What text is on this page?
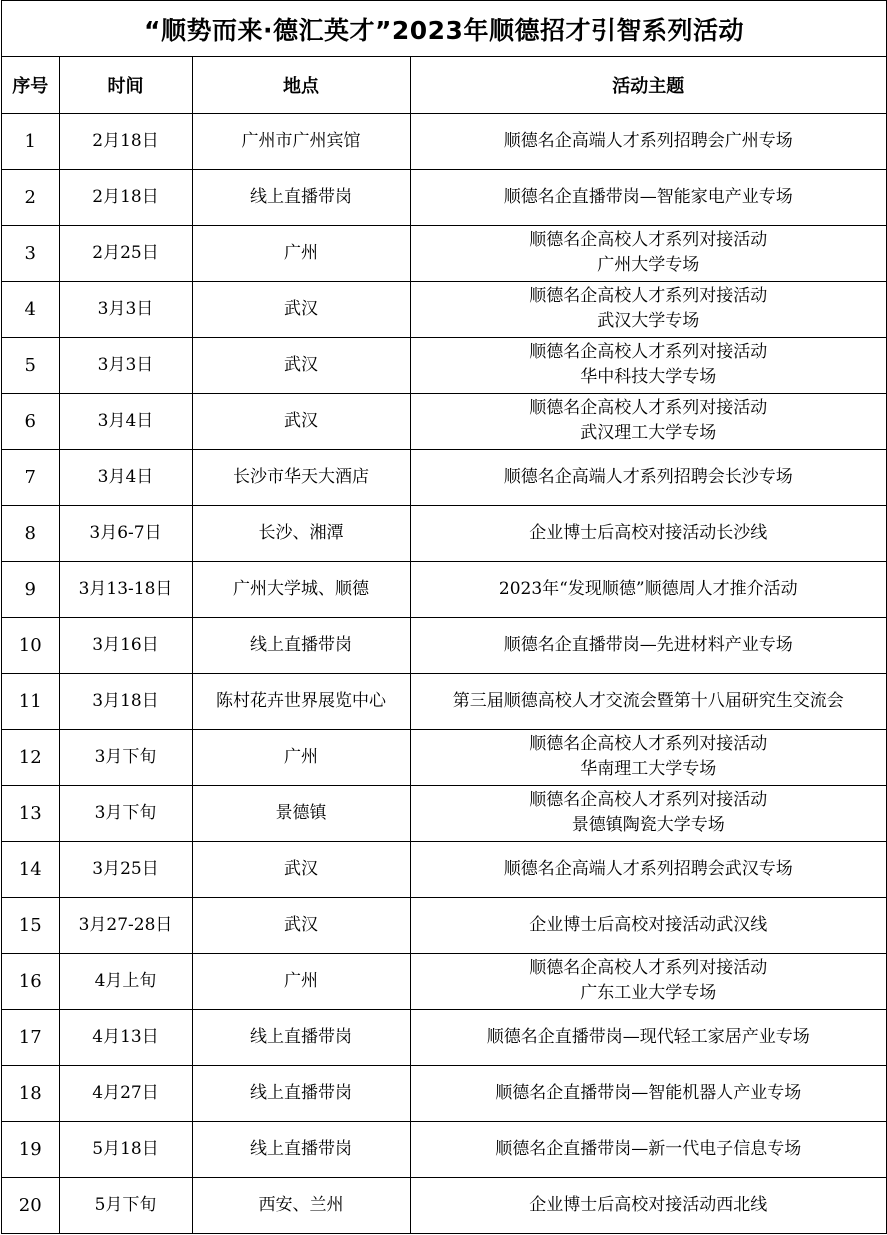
“顺势而来·德汇英才”2023年顺德招才引智系列活动
序号	时间	地点	活动主题
1	2月18日	广州市广州宾馆	顺德名企高端人才系列招聘会广州专场

2	2月18日	线上直播带岗	顺德名企直播带岗—智能家电产业专场

3	2月25日	广州	顺德名企高校人才系列对接活动
广州大学专场

4	3月3日	武汉	顺德名企高校人才系列对接活动
武汉大学专场

5	3月3日	武汉	顺德名企高校人才系列对接活动
华中科技大学专场

6	3月4日	武汉	顺德名企高校人才系列对接活动
武汉理工大学专场

7	3月4日	长沙市华天大酒店	顺德名企高端人才系列招聘会长沙专场

8	3月6-7日	长沙、湘潭	企业博士后高校对接活动长沙线

9	3月13-18日	广州大学城、顺德	2023年“发现顺德”顺德周人才推介活动

10	3月16日	线上直播带岗	顺德名企直播带岗—先进材料产业专场

11	3月18日	陈村花卉世界展览中心	第三届顺德高校人才交流会暨第十八届研究生交流会

12	3月下旬	广州	顺德名企高校人才系列对接活动
华南理工大学专场

13	3月下旬	景德镇	顺德名企高校人才系列对接活动
景德镇陶瓷大学专场

14	3月25日	武汉	顺德名企高端人才系列招聘会武汉专场

15	3月27-28日	武汉	企业博士后高校对接活动武汉线

16	4月上旬	广州	顺德名企高校人才系列对接活动
广东工业大学专场

17	4月13日	线上直播带岗	顺德名企直播带岗—现代轻工家居产业专场

18	4月27日	线上直播带岗	顺德名企直播带岗—智能机器人产业专场

19	5月18日	线上直播带岗	顺德名企直播带岗—新一代电子信息专场

20	5月下旬	西安、兰州	企业博士后高校对接活动西北线
